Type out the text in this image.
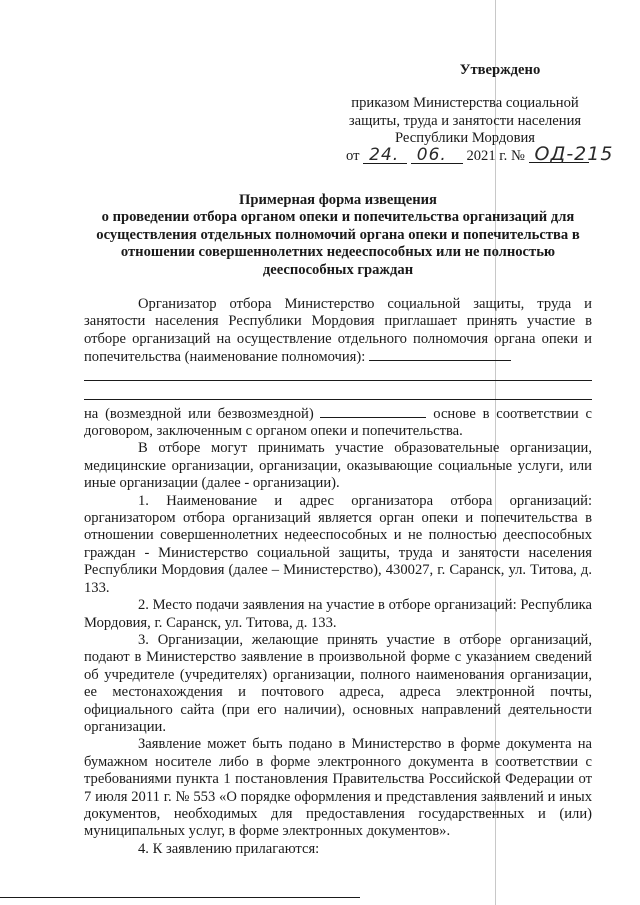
Утверждено
приказом Министерства социальной
защиты, труда и занятости населения
Республики Мордовия
от 24. 06. 2021 г. № ОД-215
Примерная форма извещения
о проведении отбора органом опеки и попечительства организаций для осуществления отдельных полномочий органа опеки и попечительства в отношении совершеннолетних недееспособных или не полностью дееспособных граждан

Организатор отбора Министерство социальной защиты, труда и занятости населения Республики Мордовия приглашает принять участие в отборе организаций на осуществление отдельного полномочия органа опеки и попечительства (наименование полномочия):

на (возмездной или безвозмездной)	основе в соответствии с договором, заключенным с органом опеки и попечительства.

В отборе могут принимать участие образовательные организации, медицинские организации, организации, оказывающие социальные услуги, или иные организации (далее - организации).

1. Наименование и адрес организатора отбора организаций: организатором отбора организаций является орган опеки и попечительства в отношении совершеннолетних недееспособных и не полностью дееспособных граждан - Министерство социальной защиты, труда и занятости населения Республики Мордовия (далее – Министерство), 430027, г. Саранск, ул. Титова, д. 133.

2. Место подачи заявления на участие в отборе организаций: Республика Мордовия, г. Саранск, ул. Титова, д. 133.

3. Организации, желающие принять участие в отборе организаций, подают в Министерство заявление в произвольной форме с указанием сведений об учредителе (учредителях) организации, полного наименования организации, ее местонахождения и почтового адреса, адреса электронной почты, официального сайта (при его наличии), основных направлений деятельности организации.

Заявление может быть подано в Министерство в форме документа на бумажном носителе либо в форме электронного документа в соответствии с требованиями пункта 1 постановления Правительства Российской Федерации от 7 июля 2011 г. № 553 «О порядке оформления и представления заявлений и иных документов, необходимых для предоставления государственных и (или) муниципальных услуг, в форме электронных документов».

4. К заявлению прилагаются:
